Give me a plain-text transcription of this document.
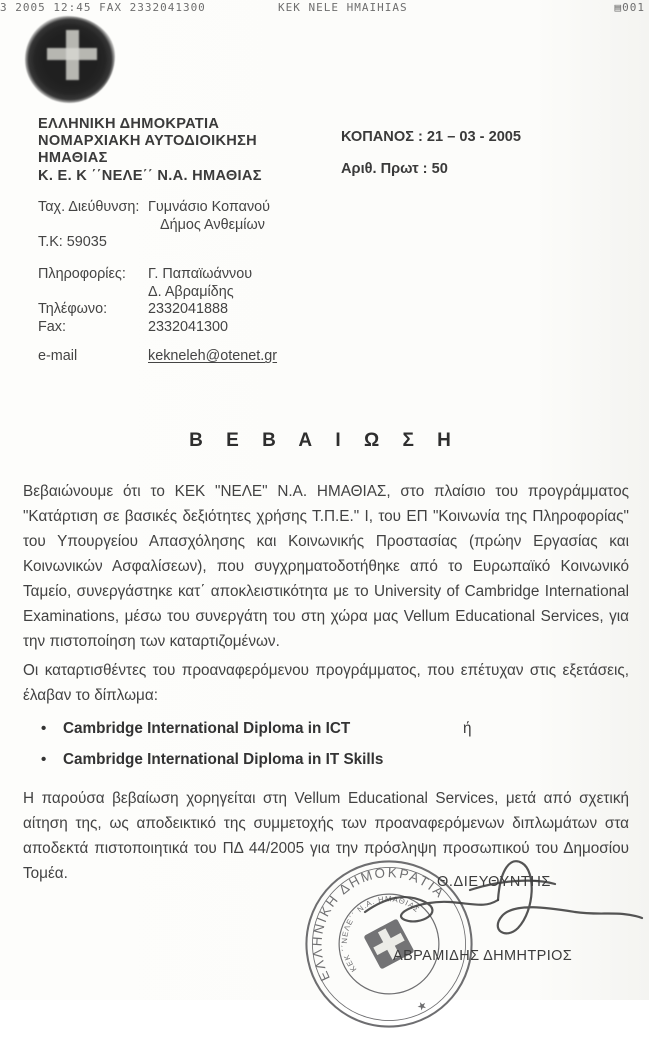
3 2005 12:45 FAX 2332041300	KEK NELE HMAIHIAS	▤001
ΕΛΛΗΝΙΚΗ ΔΗΜΟΚΡΑΤΙΑ
ΝΟΜΑΡΧΙΑΚΗ ΑΥΤΟΔΙΟΙΚΗΣΗ
ΗΜΑΘΙΑΣ
Κ. Ε. Κ ΄΄ΝΕΛΕ΄΄ Ν.Α. ΗΜΑΘΙΑΣ
ΚΟΠΑΝΟΣ : 21 – 03 - 2005
Αριθ. Πρωτ : 50
Ταχ. Διεύθυνση: Γυμνάσιο Κοπανού
Δήμος Ανθεμίων
Τ.Κ: 59035
Πληροφορίες:	Γ. Παπαϊωάννου
Δ. Αβραμίδης
Τηλέφωνο:	2332041888
Fax:	2332041300
e-mail	kekneleh@otenet.gr
Β Ε Β Α Ι Ω Σ Η

Βεβαιώνουμε ότι το ΚΕΚ "ΝΕΛΕ" Ν.Α. ΗΜΑΘΙΑΣ, στο πλαίσιο του προγράμματος "Κατάρτιση σε βασικές δεξιότητες χρήσης Τ.Π.Ε." Ι, του ΕΠ "Κοινωνία της Πληροφορίας" του Υπουργείου Απασχόλησης και Κοινωνικής Προστασίας (πρώην Εργασίας και Κοινωνικών Ασφαλίσεων), που συγχρηματοδοτήθηκε από το Ευρωπαϊκό Κοινωνικό Ταμείο, συνεργάστηκε κατ΄ αποκλειστικότητα με το University of Cambridge International Examinations, μέσω του συνεργάτη του στη χώρα μας Vellum Educational Services, για την πιστοποίηση των καταρτιζομένων.

Οι καταρτισθέντες του προαναφερόμενου προγράμματος, που επέτυχαν στις εξετάσεις, έλαβαν το δίπλωμα:

• Cambridge International Diploma in ICT	ή
• Cambridge International Diploma in IT Skills

Η παρούσα βεβαίωση χορηγείται στη Vellum Educational Services, μετά από σχετική αίτηση της, ως αποδεικτικό της συμμετοχής των προαναφερόμενων διπλωμάτων στα αποδεκτά πιστοποιητικά του ΠΔ 44/2005 για την πρόσληψη προσωπικού του Δημοσίου Τομέα.

ΕΛΛΗΝΙΚΗ ΔΗΜΟΚΡΑΤΙΑ
ΚΕΚ ΄΄ΝΕΛΕ΄΄ Ν.Α. ΗΜΑΘΙΑΣ
★
Θ.ΔΙΕΥΘΥΝΤΗΣ
ΑΒΡΑΜΙΔΗΣ ΔΗΜΗΤΡΙΟΣ
